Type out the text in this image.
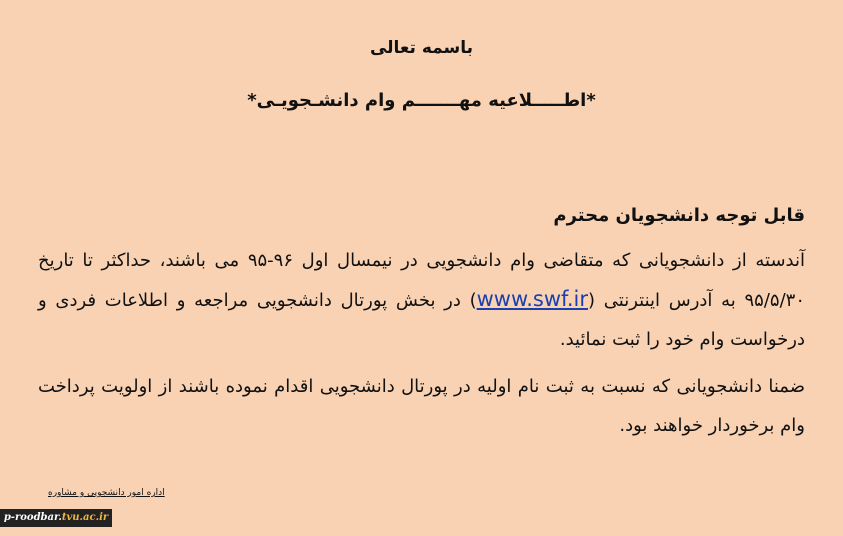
باسمه تعالی
*اطـــــلاعیه مهـــــــم وام دانشـجویـی*

قابل توجه دانشجویان محترم

آندسته از دانشجویانی که متقاضی وام دانشجویی در نیمسال اول ۹۶-۹۵ می باشند، حداکثر تا تاریخ ۹۵/۵/۳۰ به آدرس اینترنتی (www.swf.ir) در بخش پورتال دانشجویی مراجعه و اطلاعات فردی و درخواست وام خود را ثبت نمائید.

ضمنا دانشجویانی که نسبت به ثبت نام اولیه در پورتال دانشجویی اقدام نموده باشند از اولویت پرداخت وام برخوردار خواهند بود.

اداره امور دانشجویی و مشاوره
p-roodbar.tvu.ac.ir
